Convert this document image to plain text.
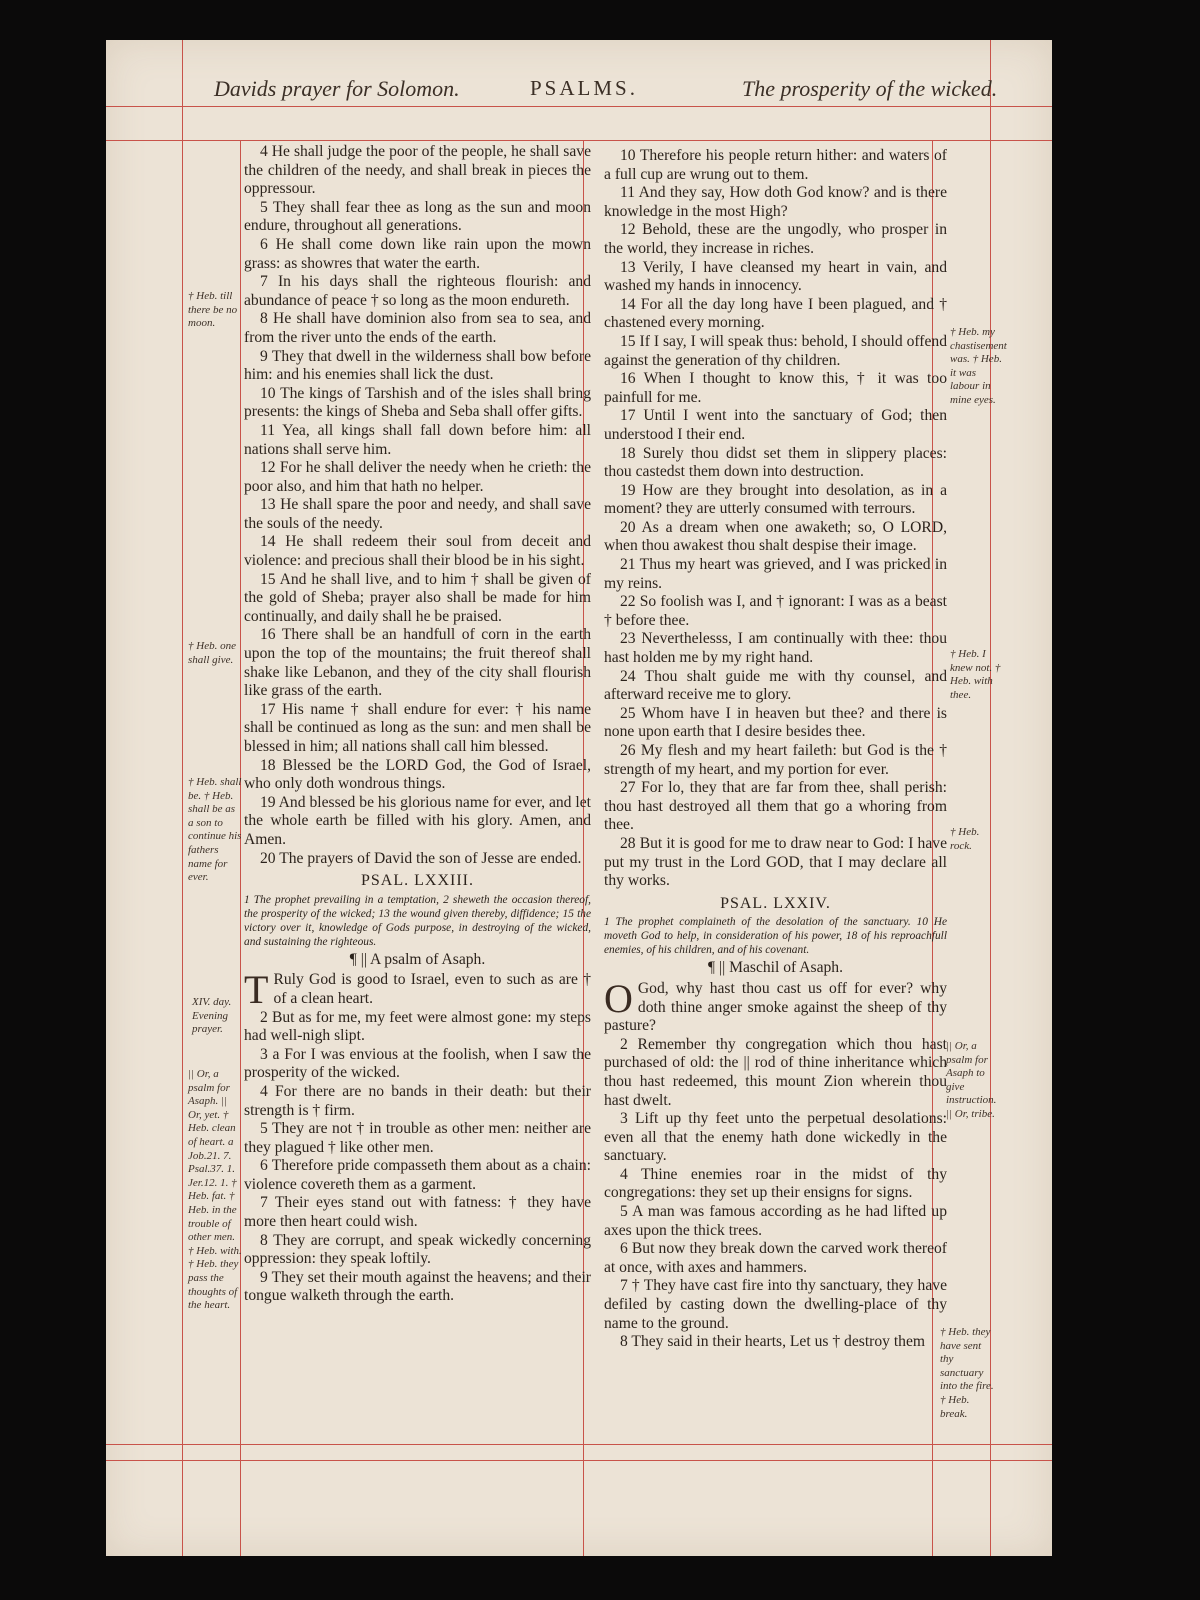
Davids prayer for Solomon.	PSALMS.	The prosperity of the wicked.

4 He shall judge the poor of the people, he shall save the children of the needy, and shall break in pieces the oppressour.

5 They shall fear thee as long as the sun and moon endure, throughout all generations.

6 He shall come down like rain upon the mown grass: as showres that water the earth.

7 In his days shall the righteous flourish: and abundance of peace † so long as the moon endureth.

8 He shall have dominion also from sea to sea, and from the river unto the ends of the earth.

9 They that dwell in the wilderness shall bow before him: and his enemies shall lick the dust.

10 The kings of Tarshish and of the isles shall bring presents: the kings of Sheba and Seba shall offer gifts.

11 Yea, all kings shall fall down before him: all nations shall serve him.

12 For he shall deliver the needy when he crieth: the poor also, and him that hath no helper.

13 He shall spare the poor and needy, and shall save the souls of the needy.

14 He shall redeem their soul from deceit and violence: and precious shall their blood be in his sight.

15 And he shall live, and to him † shall be given of the gold of Sheba; prayer also shall be made for him continually, and daily shall he be praised.

16 There shall be an handfull of corn in the earth upon the top of the mountains; the fruit thereof shall shake like Lebanon, and they of the city shall flourish like grass of the earth.

17 His name † shall endure for ever: † his name shall be continued as long as the sun: and men shall be blessed in him; all nations shall call him blessed.

18 Blessed be the LORD God, the God of Israel, who only doth wondrous things.

19 And blessed be his glorious name for ever, and let the whole earth be filled with his glory. Amen, and Amen.

20 The prayers of David the son of Jesse are ended.

PSAL. LXXIII.

1 The prophet prevailing in a temptation, 2 sheweth the occasion thereof, the prosperity of the wicked; 13 the wound given thereby, diffidence; 15 the victory over it, knowledge of Gods purpose, in destroying of the wicked, and sustaining the righteous.

¶ || A psalm of Asaph.

T Ruly God is good to Israel, even to such as are † of a clean heart.

2 But as for me, my feet were almost gone: my steps had well-nigh slipt.

3 a For I was envious at the foolish, when I saw the prosperity of the wicked.

4 For there are no bands in their death: but their strength is † firm.

5 They are not † in trouble as other men: neither are they plagued † like other men.

6 Therefore pride compasseth them about as a chain: violence covereth them as a garment.

7 Their eyes stand out with fatness: † they have more then heart could wish.

8 They are corrupt, and speak wickedly concerning oppression: they speak loftily.

9 They set their mouth against the heavens; and their tongue walketh through the earth.

10 Therefore his people return hither: and waters of a full cup are wrung out to them.

11 And they say, How doth God know? and is there knowledge in the most High?

12 Behold, these are the ungodly, who prosper in the world, they increase in riches.

13 Verily, I have cleansed my heart in vain, and washed my hands in innocency.

14 For all the day long have I been plagued, and † chastened every morning.

15 If I say, I will speak thus: behold, I should offend against the generation of thy children.

16 When I thought to know this, † it was too painfull for me.

17 Until I went into the sanctuary of God; then understood I their end.

18 Surely thou didst set them in slippery places: thou castedst them down into destruction.

19 How are they brought into desolation, as in a moment? they are utterly consumed with terrours.

20 As a dream when one awaketh; so, O LORD, when thou awakest thou shalt despise their image.

21 Thus my heart was grieved, and I was pricked in my reins.

22 So foolish was I, and † ignorant: I was as a beast † before thee.

23 Neverthelesss, I am continually with thee: thou hast holden me by my right hand.

24 Thou shalt guide me with thy counsel, and afterward receive me to glory.

25 Whom have I in heaven but thee? and there is none upon earth that I desire besides thee.

26 My flesh and my heart faileth: but God is the † strength of my heart, and my portion for ever.

27 For lo, they that are far from thee, shall perish: thou hast destroyed all them that go a whoring from thee.

28 But it is good for me to draw near to God: I have put my trust in the Lord GOD, that I may declare all thy works.

PSAL. LXXIV.

1 The prophet complaineth of the desolation of the sanctuary. 10 He moveth God to help, in consideration of his power, 18 of his reproachfull enemies, of his children, and of his covenant.

¶ || Maschil of Asaph.

O God, why hast thou cast us off for ever? why doth thine anger smoke against the sheep of thy pasture?

2 Remember thy congregation which thou hast purchased of old: the || rod of thine inheritance which thou hast redeemed, this mount Zion wherein thou hast dwelt.

3 Lift up thy feet unto the perpetual desolations: even all that the enemy hath done wickedly in the sanctuary.

4 Thine enemies roar in the midst of thy congregations: they set up their ensigns for signs.

5 A man was famous according as he had lifted up axes upon the thick trees.

6 But now they break down the carved work thereof at once, with axes and hammers.

7 † They have cast fire into thy sanctuary, they have defiled by casting down the dwelling-place of thy name to the ground.

8 They said in their hearts, Let us † destroy them

† Heb. till there be no moon.
† Heb. one shall give.
† Heb. shall be. † Heb. shall be as a son to continue his fathers name for ever.
XIV. day. Evening prayer.
|| Or, a psalm for Asaph. || Or, yet. † Heb. clean of heart. a Job.21. 7. Psal.37. 1. Jer.12. 1. † Heb. fat. † Heb. in the trouble of other men. † Heb. with. † Heb. they pass the thoughts of the heart.
† Heb. my chastisement was. † Heb. it was labour in mine eyes.
† Heb. I knew not. † Heb. with thee.
† Heb. rock.
|| Or, a psalm for Asaph to give instruction. || Or, tribe.
† Heb. they have sent thy sanctuary into the fire. † Heb. break.
